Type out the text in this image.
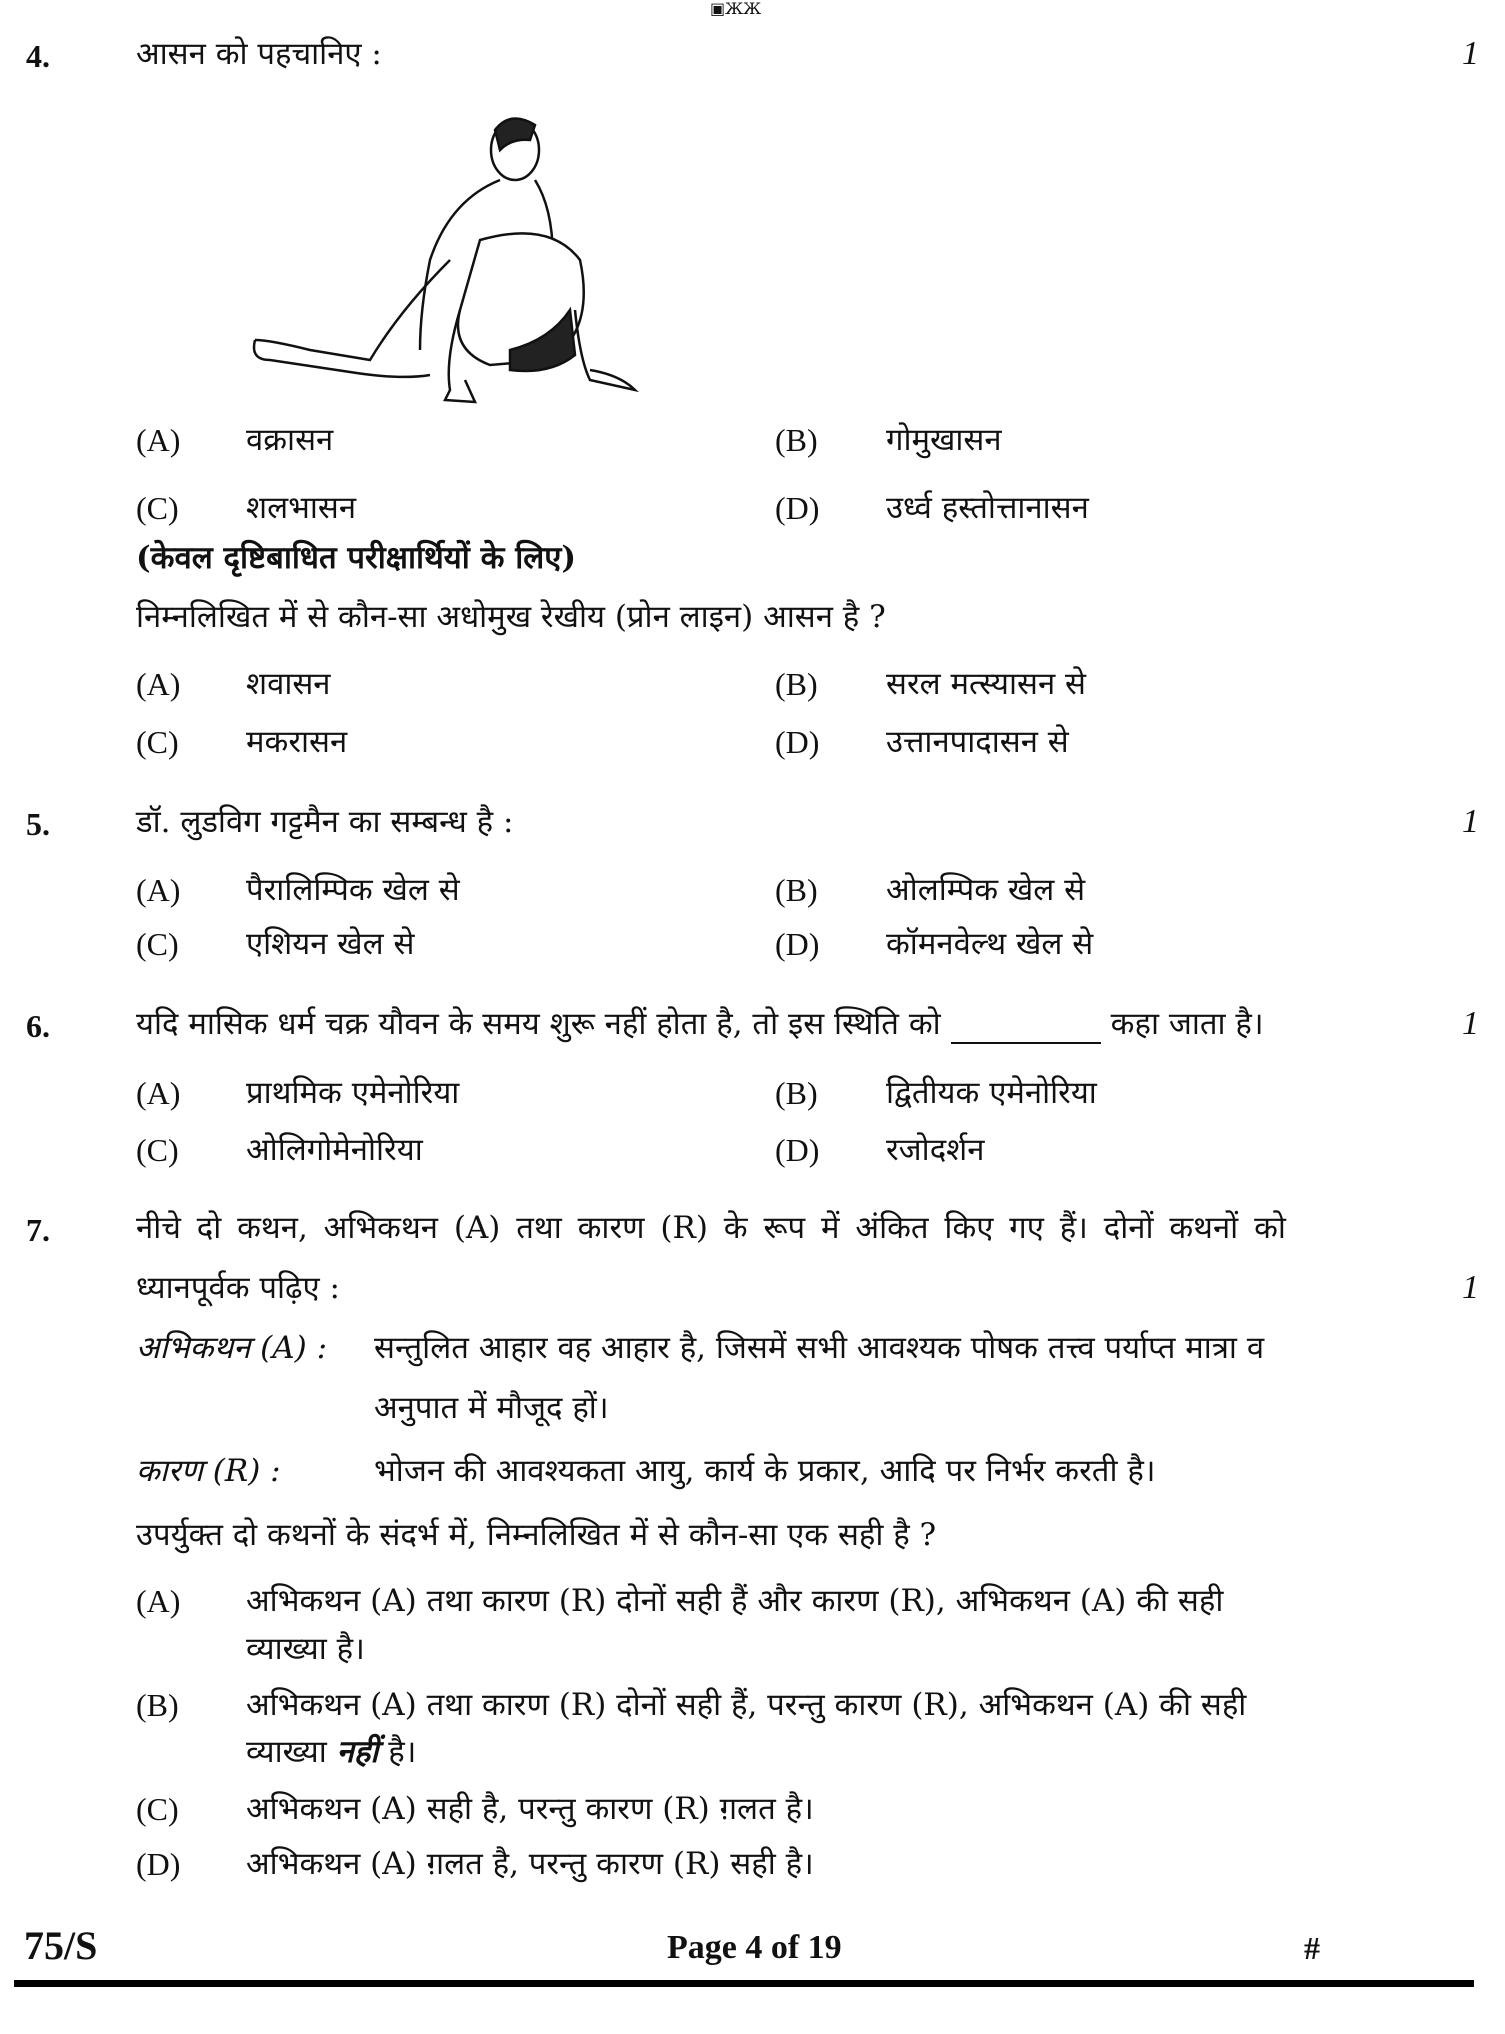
▣ЖЖ
4.	आसन को पहचानिए :	1
(A) वक्रासन	(B) गोमुखासन
(C) शलभासन	(D) उर्ध्व हस्तोत्तानासन
(केवल दृष्टिबाधित परीक्षार्थियों के लिए)
निम्नलिखित में से कौन-सा अधोमुख रेखीय (प्रोन लाइन) आसन है ?
(A) शवासन	(B) सरल मत्स्यासन से
(C) मकरासन	(D) उत्तानपादासन से
5.	डॉ. लुडविग गट्टमैन का सम्बन्ध है :	1
(A) पैरालिम्पिक खेल से	(B) ओलम्पिक खेल से
(C) एशियन खेल से	(D) कॉमनवेल्थ खेल से
6.	यदि मासिक धर्म चक्र यौवन के समय शुरू नहीं होता है, तो इस स्थिति को	कहा जाता है।	1
(A) प्राथमिक एमेनोरिया	(B) द्वितीयक एमेनोरिया
(C) ओलिगोमेनोरिया	(D) रजोदर्शन
7.	नीचे दो कथन, अभिकथन (A) तथा कारण (R) के रूप में अंकित किए गए हैं। दोनों कथनों को
ध्यानपूर्वक पढ़िए :	1
अभिकथन (A) : सन्तुलित आहार वह आहार है, जिसमें सभी आवश्यक पोषक तत्त्व पर्याप्त मात्रा व
अनुपात में मौजूद हों।
कारण (R) :	भोजन की आवश्यकता आयु, कार्य के प्रकार, आदि पर निर्भर करती है।
उपर्युक्त दो कथनों के संदर्भ में, निम्नलिखित में से कौन-सा एक सही है ?
(A) अभिकथन (A) तथा कारण (R) दोनों सही हैं और कारण (R), अभिकथन (A) की सही
व्याख्या है।
(B) अभिकथन (A) तथा कारण (R) दोनों सही हैं, परन्तु कारण (R), अभिकथन (A) की सही
व्याख्या नहीं है।
(C) अभिकथन (A) सही है, परन्तु कारण (R) ग़लत है।
(D) अभिकथन (A) ग़लत है, परन्तु कारण (R) सही है।
75/S	Page 4 of 19	#
